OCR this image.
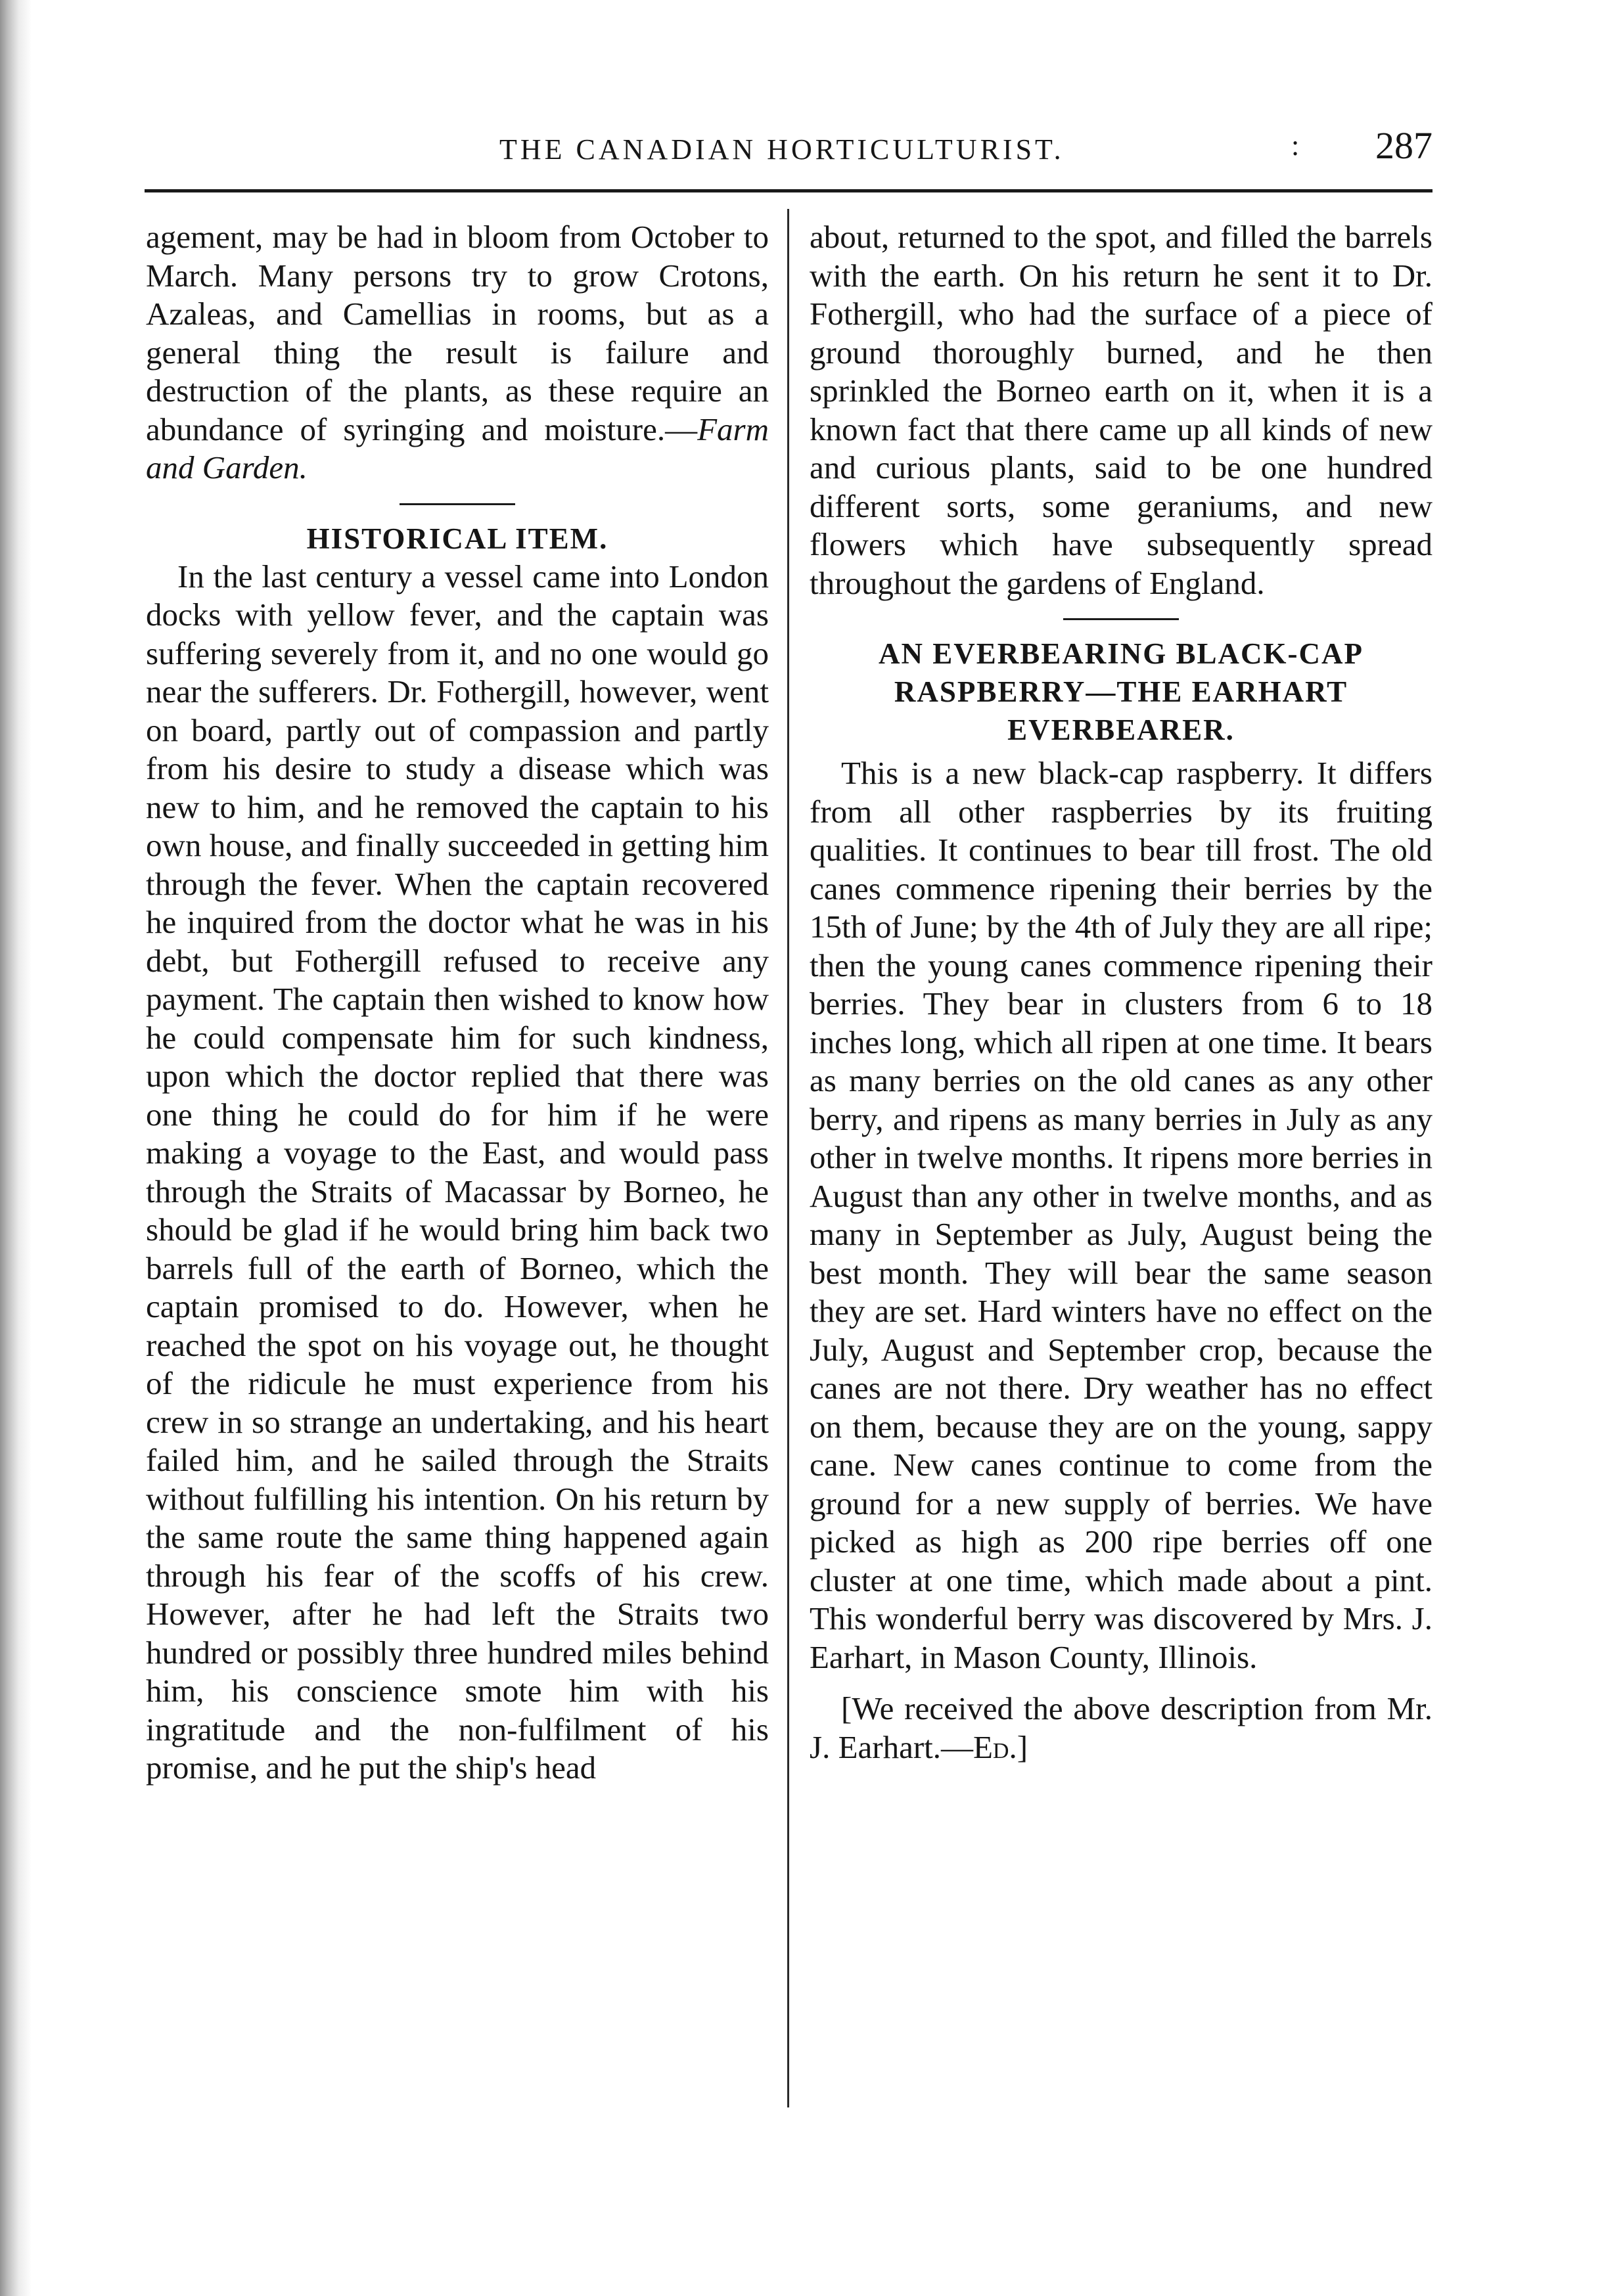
THE CANADIAN HORTICULTURIST.	: 287

agement, may be had in bloom from October to March. Many persons try to grow Crotons, Azaleas, and Camellias in rooms, but as a general thing the result is failure and destruction of the plants, as these require an abundance of syringing and moisture.—Farm and Garden.

HISTORICAL ITEM.

In the last century a vessel came into London docks with yellow fever, and the captain was suffering severely from it, and no one would go near the sufferers. Dr. Fothergill, however, went on board, partly out of compassion and partly from his desire to study a disease which was new to him, and he removed the captain to his own house, and finally succeeded in getting him through the fever. When the captain recovered he inquired from the doctor what he was in his debt, but Fothergill refused to receive any payment. The captain then wished to know how he could compensate him for such kindness, upon which the doctor replied that there was one thing he could do for him if he were making a voyage to the East, and would pass through the Straits of Macassar by Borneo, he should be glad if he would bring him back two barrels full of the earth of Borneo, which the captain promised to do. However, when he reached the spot on his voyage out, he thought of the ridicule he must experience from his crew in so strange an undertaking, and his heart failed him, and he sailed through the Straits without fulfilling his intention. On his return by the same route the same thing happened again through his fear of the scoffs of his crew. However, after he had left the Straits two hundred or possibly three hundred miles behind him, his conscience smote him with his ingratitude and the non-fulfilment of his promise, and he put the ship's head

about, returned to the spot, and filled the barrels with the earth. On his return he sent it to Dr. Fothergill, who had the surface of a piece of ground thoroughly burned, and he then sprinkled the Borneo earth on it, when it is a known fact that there came up all kinds of new and curious plants, said to be one hundred different sorts, some geraniums, and new flowers which have subsequently spread throughout the gardens of England.

AN EVERBEARING BLACK-CAP RASPBERRY—THE EARHART EVERBEARER.

This is a new black-cap raspberry. It differs from all other raspberries by its fruiting qualities. It continues to bear till frost. The old canes commence ripening their berries by the 15th of June; by the 4th of July they are all ripe; then the young canes commence ripening their berries. They bear in clusters from 6 to 18 inches long, which all ripen at one time. It bears as many berries on the old canes as any other berry, and ripens as many berries in July as any other in twelve months. It ripens more berries in August than any other in twelve months, and as many in September as July, August being the best month. They will bear the same season they are set. Hard winters have no effect on the July, August and September crop, because the canes are not there. Dry weather has no effect on them, because they are on the young, sappy cane. New canes continue to come from the ground for a new supply of berries. We have picked as high as 200 ripe berries off one cluster at one time, which made about a pint. This wonderful berry was discovered by Mrs. J. Earhart, in Mason County, Illinois.

[We received the above description from Mr. J. Earhart.—Ed.]
